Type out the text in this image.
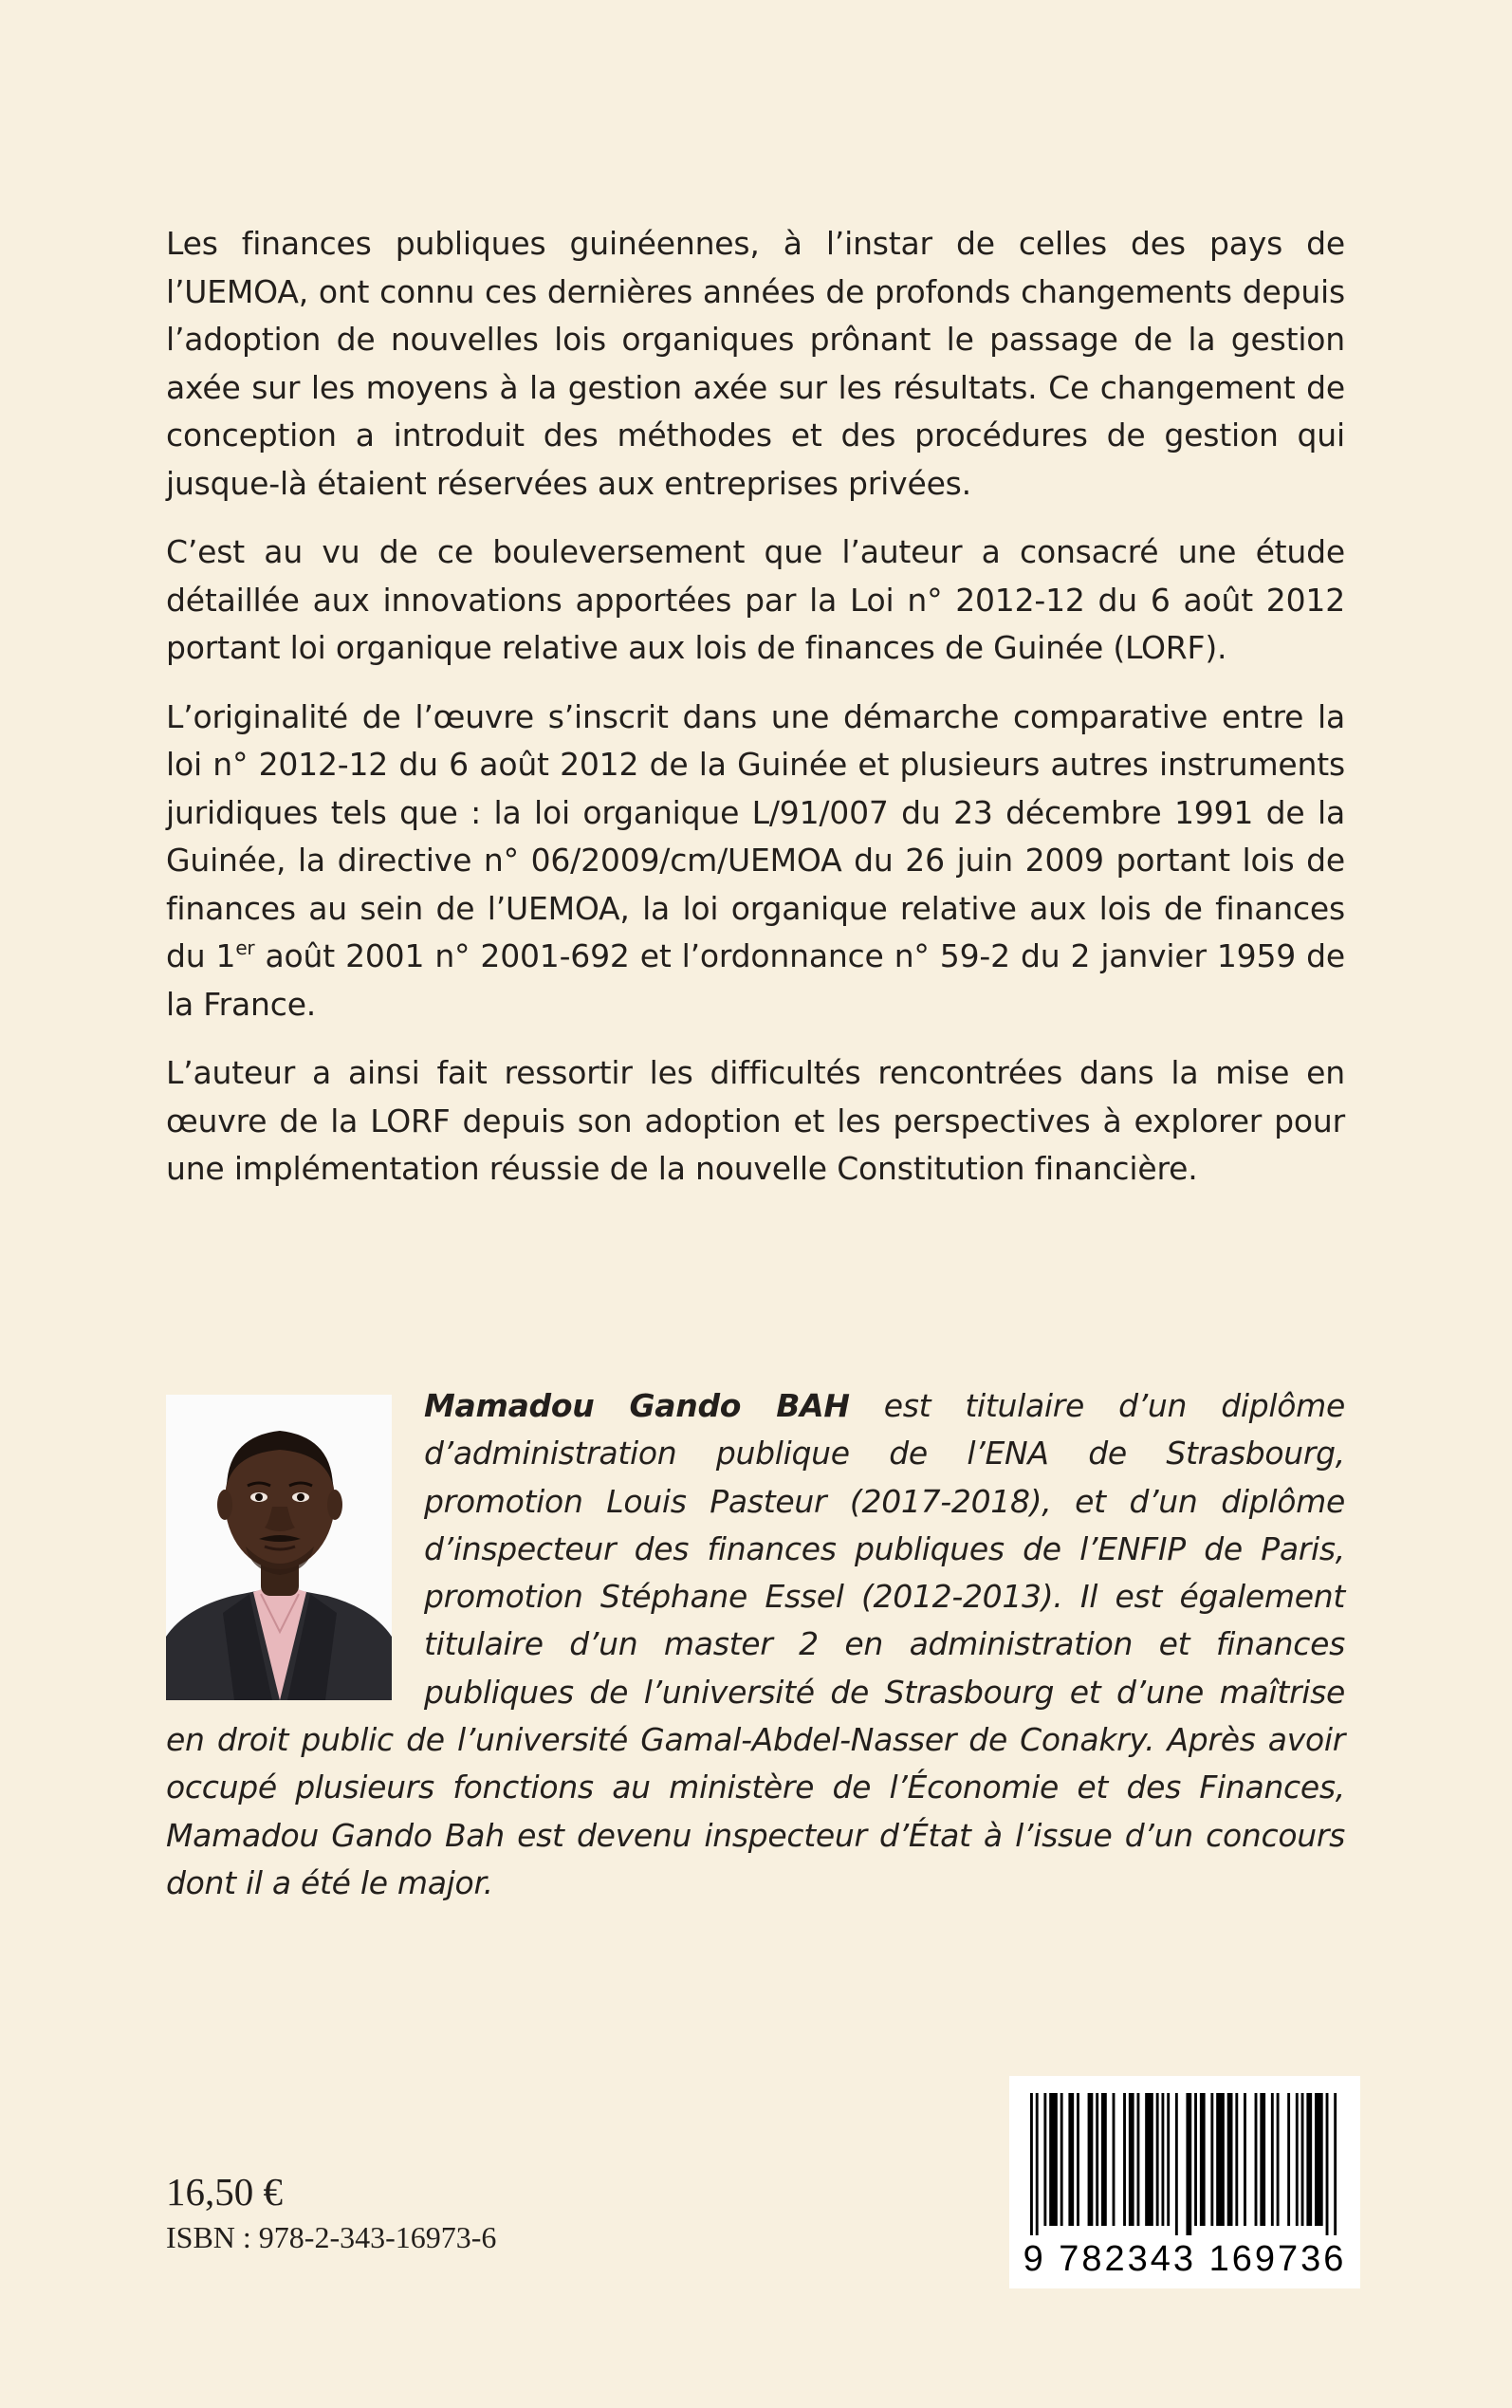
Les finances publiques guinéennes, à l’instar de celles des pays de l’UEMOA, ont connu ces dernières années de profonds changements depuis l’adoption de nouvelles lois organiques prônant le passage de la gestion axée sur les moyens à la gestion axée sur les résultats. Ce changement de conception a introduit des méthodes et des procédures de gestion qui jusque-là étaient réservées aux entreprises privées.

C’est au vu de ce bouleversement que l’auteur a consacré une étude détaillée aux innovations apportées par la Loi n° 2012-12 du 6 août 2012 portant loi organique relative aux lois de finances de Guinée (LORF).

L’originalité de l’œuvre s’inscrit dans une démarche comparative entre la loi n° 2012-12 du 6 août 2012 de la Guinée et plusieurs autres instruments juridiques tels que : la loi organique L/91/007 du 23 décembre 1991 de la Guinée, la directive n° 06/2009/cm/UEMOA du 26 juin 2009 portant lois de finances au sein de l’UEMOA, la loi organique relative aux lois de finances du 1er août 2001 n° 2001-692 et l’ordonnance n° 59-2 du 2 janvier 1959 de la France.

L’auteur a ainsi fait ressortir les difficultés rencontrées dans la mise en œuvre de la LORF depuis son adoption et les perspectives à explorer pour une implémentation réussie de la nouvelle Constitution financière.

Mamadou Gando BAH est titulaire d’un diplôme d’administration publique de l’ENA de Strasbourg, promotion Louis Pasteur (2017-2018), et d’un diplôme d’inspecteur des finances publiques de l’ENFIP de Paris, promotion Stéphane Essel (2012-2013). Il est également titulaire d’un master 2 en administration et finances publiques de l’université de Strasbourg et d’une maîtrise en droit public de l’université Gamal-Abdel-Nasser de Conakry. Après avoir occupé plusieurs fonctions au ministère de l’Économie et des Finances, Mamadou Gando Bah est devenu inspecteur d’État à l’issue d’un concours dont il a été le major.

16,50 €
ISBN : 978-2-343-16973-6
9 782343 169736
